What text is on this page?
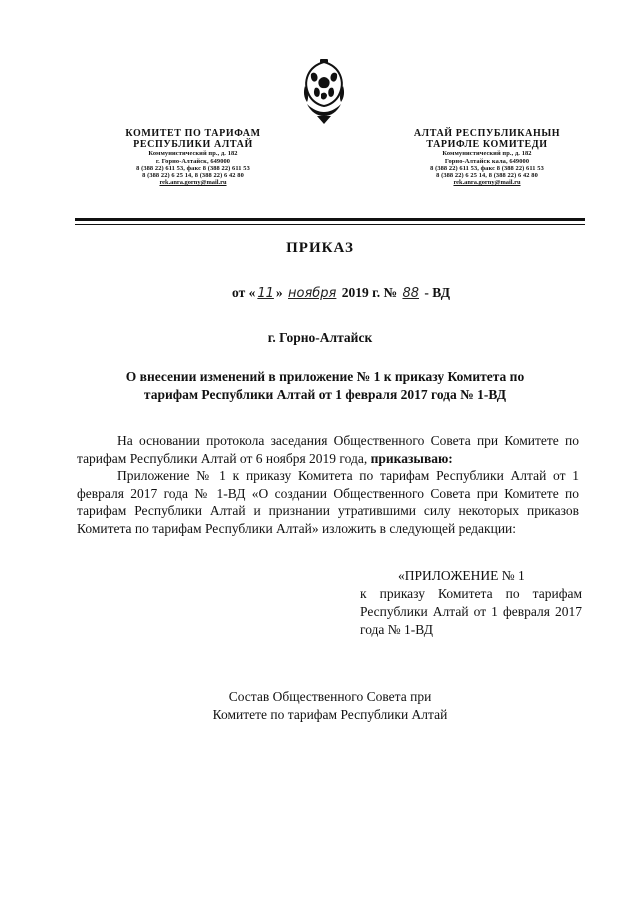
КОМИТЕТ ПО ТАРИФАМ
РЕСПУБЛИКИ АЛТАЙ
Коммунистический пр., д. 182
г. Горно-Алтайск, 649000
8 (388 22) 611 53, факс 8 (388 22) 611 53
8 (388 22) 6 25 14, 8 (388 22) 6 42 80
rek.anra.gorny@mail.ru
АЛТАЙ РЕСПУБЛИКАНЫН
ТАРИФЛЕ КОМИТЕДИ
Коммунистический пр., д. 182
Горно-Алтайск кала, 649000
8 (388 22) 611 53, факс 8 (388 22) 611 53
8 (388 22) 6 25 14, 8 (388 22) 6 42 80
rek.anra.gorny@mail.ru
ПРИКАЗ
от « 11 » ноября 2019 г. № 88 - ВД
г. Горно-Алтайск
О внесении изменений в приложение № 1 к приказу Комитета по тарифам Республики Алтай от 1 февраля 2017 года № 1-ВД

На основании протокола заседания Общественного Совета при Комитете по тарифам Республики Алтай от 6 ноября 2019 года, приказываю:

Приложение № 1 к приказу Комитета по тарифам Республики Алтай от 1 февраля 2017 года № 1-ВД «О создании Общественного Совета при Комитете по тарифам Республики Алтай и признании утратившими силу некоторых приказов Комитета по тарифам Республики Алтай» изложить в следующей редакции:

«ПРИЛОЖЕНИЕ № 1
к приказу Комитета по тарифам Республики Алтай от 1 февраля 2017 года № 1-ВД
Состав Общественного Совета при
Комитете по тарифам Республики Алтай
